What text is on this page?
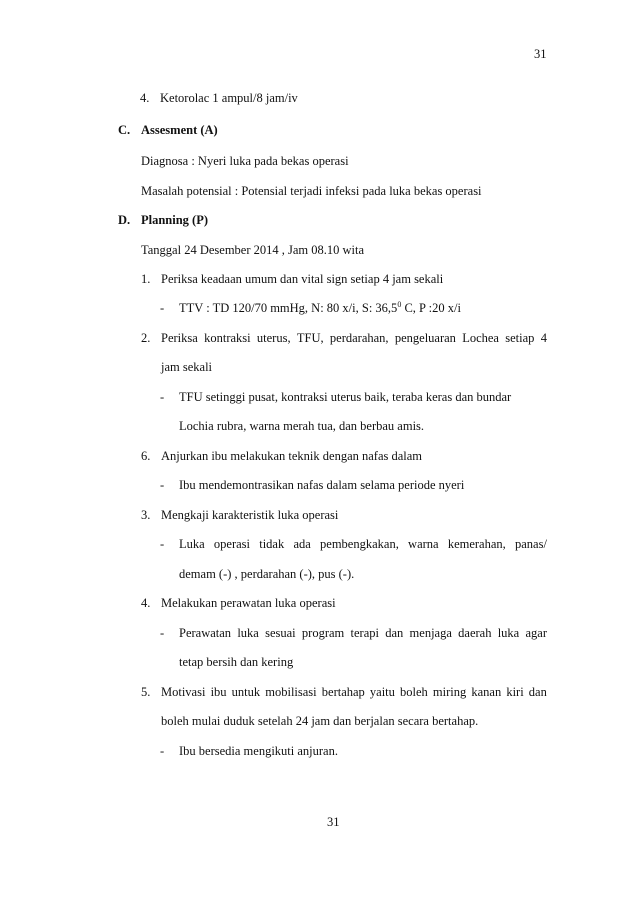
31
4. Ketorolac 1 ampul/8 jam/iv
C. Assesment (A)
Diagnosa : Nyeri luka pada bekas operasi
Masalah potensial : Potensial terjadi infeksi pada luka bekas operasi
D. Planning (P)
Tanggal 24 Desember 2014 , Jam 08.10 wita
1. Periksa keadaan umum dan vital sign setiap 4 jam sekali
- TTV : TD 120/70 mmHg, N: 80 x/i, S: 36,5$^0$ C, P :20 x/i
2. Periksa kontraksi uterus, TFU, perdarahan, pengeluaran Lochea setiap 4
jam sekali
- TFU setinggi pusat, kontraksi uterus baik, teraba keras dan bundar
Lochia rubra, warna merah tua, dan berbau amis.
6. Anjurkan ibu melakukan teknik dengan nafas dalam
- Ibu mendemontrasikan nafas dalam selama periode nyeri
3. Mengkaji karakteristik luka operasi
- Luka operasi tidak ada pembengkakan, warna kemerahan, panas/
demam (-) , perdarahan (-), pus (-).
4. Melakukan perawatan luka operasi
- Perawatan luka sesuai program terapi dan menjaga daerah luka agar
tetap bersih dan kering
5. Motivasi ibu untuk mobilisasi bertahap yaitu boleh miring kanan kiri dan
boleh mulai duduk setelah 24 jam dan berjalan secara bertahap.
- Ibu bersedia mengikuti anjuran.
31
